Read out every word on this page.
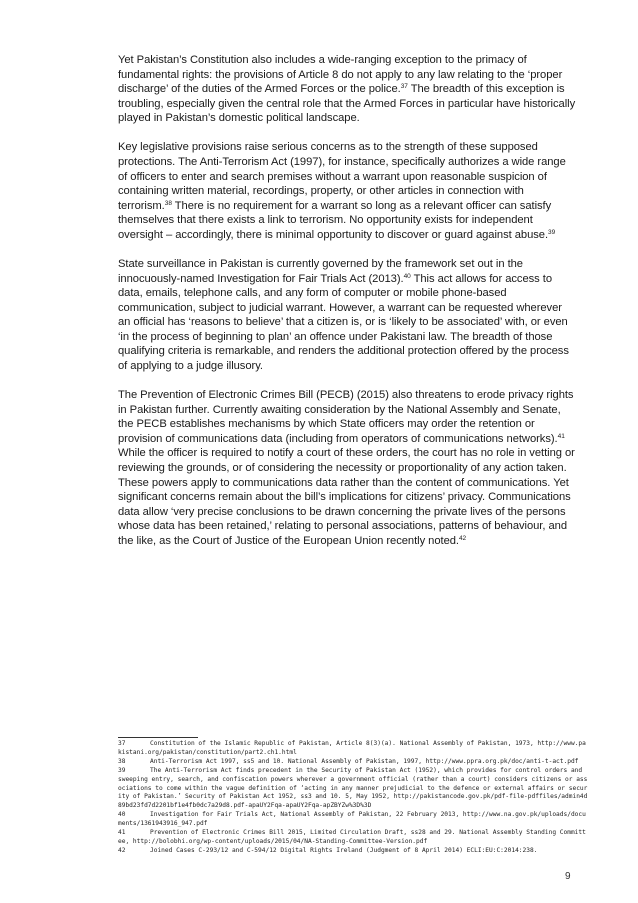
Yet Pakistan’s Constitution also includes a wide-ranging exception to the primacy of fundamental rights: the provisions of Article 8 do not apply to any law relating to the ‘proper discharge’ of the duties of the Armed Forces or the police.$^{37}$ The breadth of this exception is troubling, especially given the central role that the Armed Forces in particular have historically played in Pakistan’s domestic political landscape.

Key legislative provisions raise serious concerns as to the strength of these supposed protections. The Anti-Terrorism Act (1997), for instance, specifically authorizes a wide range of officers to enter and search premises without a warrant upon reasonable suspicion of containing written material, recordings, property, or other articles in connection with terrorism.$^{38}$ There is no requirement for a warrant so long as a relevant officer can satisfy themselves that there exists a link to terrorism. No opportunity exists for independent oversight – accordingly, there is minimal opportunity to discover or guard against abuse.$^{39}$

State surveillance in Pakistan is currently governed by the framework set out in the innocuously-named Investigation for Fair Trials Act (2013).$^{40}$ This act allows for access to data, emails, telephone calls, and any form of computer or mobile phone-based communication, subject to judicial warrant. However, a warrant can be requested wherever an official has ‘reasons to believe’ that a citizen is, or is ‘likely to be associated’ with, or even ‘in the process of beginning to plan’ an offence under Pakistani law. The breadth of those qualifying criteria is remarkable, and renders the additional protection offered by the process of applying to a judge illusory.

The Prevention of Electronic Crimes Bill (PECB) (2015) also threatens to erode privacy rights in Pakistan further. Currently awaiting consideration by the National Assembly and Senate, the PECB establishes mechanisms by which State officers may order the retention or provision of communications data (including from operators of communications networks).$^{41}$ While the officer is required to notify a court of these orders, the court has no role in vetting or reviewing the grounds, or of considering the necessity or proportionality of any action taken. These powers apply to communications data rather than the content of communications. Yet significant concerns remain about the bill’s implications for citizens’ privacy. Communications data allow ‘very precise conclusions to be drawn concerning the private lives of the persons whose data has been retained,’ relating to personal associations, patterns of behaviour, and the like, as the Court of Justice of the European Union recently noted.$^{42}$

37	Constitution of the Islamic Republic of Pakistan, Article 8(3)(a). National Assembly of Pakistan, 1973, http://www.pakistani.org/pakistan/constitution/part2.ch1.html

38	Anti-Terrorism Act 1997, ss5 and 10. National Assembly of Pakistan, 1997, http://www.ppra.org.pk/doc/anti-t-act.pdf

39	The Anti-Terrorism Act finds precedent in the Security of Pakistan Act (1952), which provides for control orders and sweeping entry, search, and confiscation powers wherever a government official (rather than a court) considers citizens or associations to come within the vague definition of ‘acting in any manner prejudicial to the defence or external affairs or security of Pakistan.’ Security of Pakistan Act 1952, ss3 and 10. 5, May 1952, http://pakistancode.gov.pk/pdf-file-pdffiles/admin4d89bd23fd7d2201bf1e4fb0dc7a29d8.pdf-apaUY2Fqa-apaUY2Fqa-apZBYZw%3D%3D

40	Investigation for Fair Trials Act, National Assembly of Pakistan, 22 February 2013, http://www.na.gov.pk/uploads/documents/1361943916_947.pdf

41	Prevention of Electronic Crimes Bill 2015, Limited Circulation Draft, ss28 and 29. National Assembly Standing Committee, http://bolobhi.org/wp-content/uploads/2015/04/NA-Standing-Committee-Version.pdf

42	Joined Cases C-293/12 and C-594/12 Digital Rights Ireland (Judgment of 8 April 2014) ECLI:EU:C:2014:238.

9
